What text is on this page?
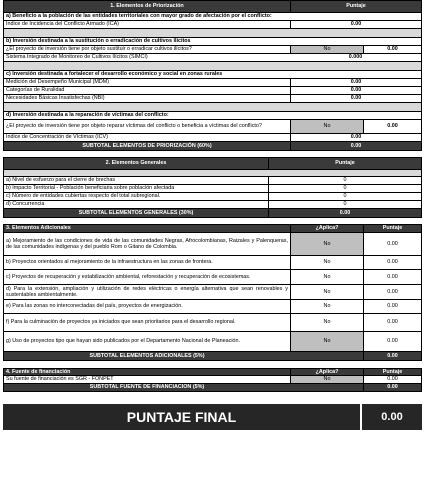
1. Elementos de Priorización	Puntaje
a) Beneficio a la población de las entidades territoriales con mayor grado de afectación por el conflicto:
Índice de Incidencia del Conflicto Armado (ICA)	0.00
b) Inversión destinada a la sustitución o erradicación de cultivos ilícitos
¿El proyecto de inversión tiene por objeto sustituir o erradicar cultivos ilícitos?	No	0.00
Sistema Integrado de Monitoreo de Cultivos Ilícitos (SIMCI)	0.000
c) Inversión destinada a fortalecer el desarrollo económico y social en zonas rurales
Medición del Desempeño Municipal (MDM)	0.00
Categorías de Ruralidad	0.00
Necesidades Básicas Insatisfechas (NBI)	0.00
d) Inversión destinada a la reparación de víctimas del conflicto:
¿El proyecto de inversión tiene por objeto reparar víctimas del conflicto o beneficia a víctimas del conflicto?	No	0.00
Índice de Concentración de Víctimas (ICV)	0.00
SUBTOTAL ELEMENTOS DE PRIORIZACIÓN (60%)	0.00
2. Elementos Generales	Puntaje
a) Nivel de esfuerzo para el cierre de brechas	0
b) Impacto Territorial - Población beneficiaria sobre población afectada	0
c) Número de entidades cubiertas respecto del total subregional.	0
d) Concurrencia	0
SUBTOTAL ELEMENTOS GENERALES (30%)	0.00
3. Elementos Adicionales	¿Aplica?	Puntaje
a) Mejoramiento de las condiciones de vida de las comunidades Negras, Afrocolombianas, Raizales y Palenqueras, de las comunidades indígenas y del pueblo Rom o Gitano de Colombia.
No	0.00
b) Proyectos orientados al mejoramiento de la infraestructura en las zonas de frontera.	No	0.00
c) Proyectos de recuperación y estabilización ambiental, reforestación y recuperación de ecosistemas.	No	0.00
d) Para la extensión, ampliación y utilización de redes eléctricas o energía alternativa que sean renovables y sustentables ambientalmente.
No	0.00
e) Para las zonas no interconectadas del país, proyectos de energización.	No	0.00
f) Para la culminación de proyectos ya iniciados que sean prioritarios para el desarrollo regional.	No	0.00
g) Uso de proyectos tipo que hayan sido publicados por el Departamento Nacional de Planeación.	No	0.00
SUBTOTAL ELEMENTOS ADICIONALES (5%)	0.00
4. Fuente de financiación	¿Aplica?	Puntaje
Su fuente de financiación es SGR - FONPET	No	0.00
SUBTOTAL FUENTE DE FINANCIACIÓN (5%)	0.00
PUNTAJE FINAL	0.00
